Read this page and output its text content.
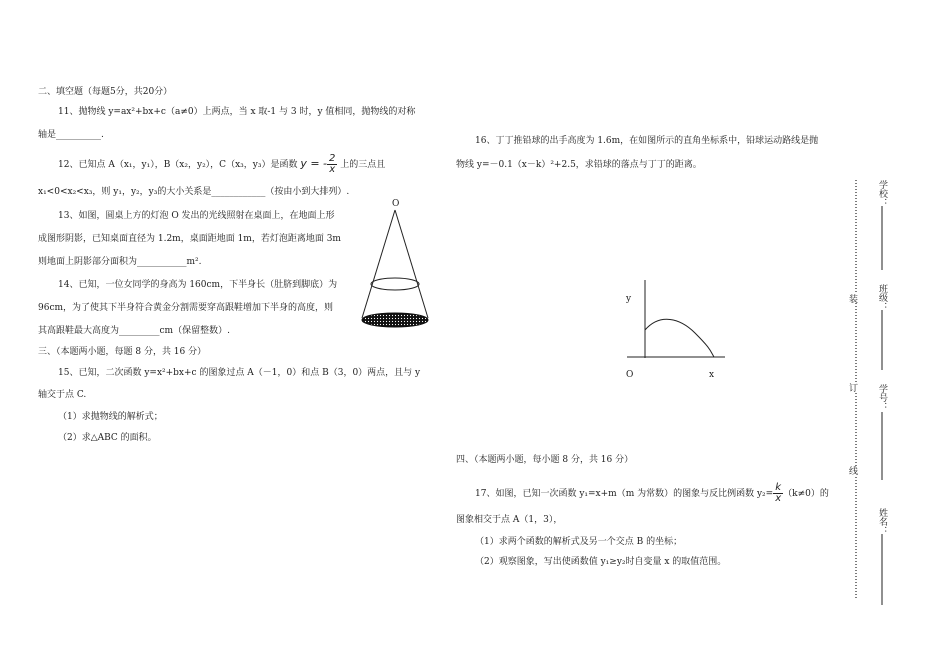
二、填空题（每题5分，共20分）
11、抛物线 y=ax²+bx+c（a≠0）上两点，当 x 取-1 与 3 时，y 值相同，抛物线的对称
轴是__________.
12、已知点 A（x₁，y₁），B（x₂，y₂），C（x₃，y₃）是函数 y = - $\frac{2}{x}$ 上的三点且
x₁<0<x₂<x₃，则 y₁，y₂，y₃的大小关系是____________（按由小到大排列）.
13、如图，圆桌上方的灯泡 O 发出的光线照射在桌面上，在地面上形
成图形阴影，已知桌面直径为 1.2m，桌面距地面 1m，若灯泡距离地面 3m
则地面上阴影部分面积为___________m².
14、已知，一位女同学的身高为 160cm，下半身长（肚脐到脚底）为
96cm，为了使其下半身符合黄金分割需要穿高跟鞋增加下半身的高度，则
其高跟鞋最大高度为_________cm（保留整数）.
三、（本题两小题，每题 8 分，共 16 分）
15、已知，二次函数 y=x²+bx+c 的图象过点 A（－1，0）和点 B（3，0）两点，且与 y
轴交于点 C.
（1）求抛物线的解析式；
（2）求△ABC 的面积。
O
16、丁丁推铅球的出手高度为 1.6m，在如图所示的直角坐标系中，铅球运动路线是抛
物线 y=－0.1（x－k）²+2.5，求铅球的落点与丁丁的距离。
y
O	x
四、（本题两小题，每小题 8 分，共 16 分）
17、如图，已知一次函数 y₁=x+m（m 为常数）的图象与反比例函数 $y_2= \frac{k}{x} (k\ne 0)$的
图象相交于点 A（1，3），
（1）求两个函数的解析式及另一个交点 B 的坐标；
（2）观察图象，写出使函数值 y₁≥y₂时自变量 x 的取值范围。
装
订
线
学校：
班级：
学号：
姓名：
